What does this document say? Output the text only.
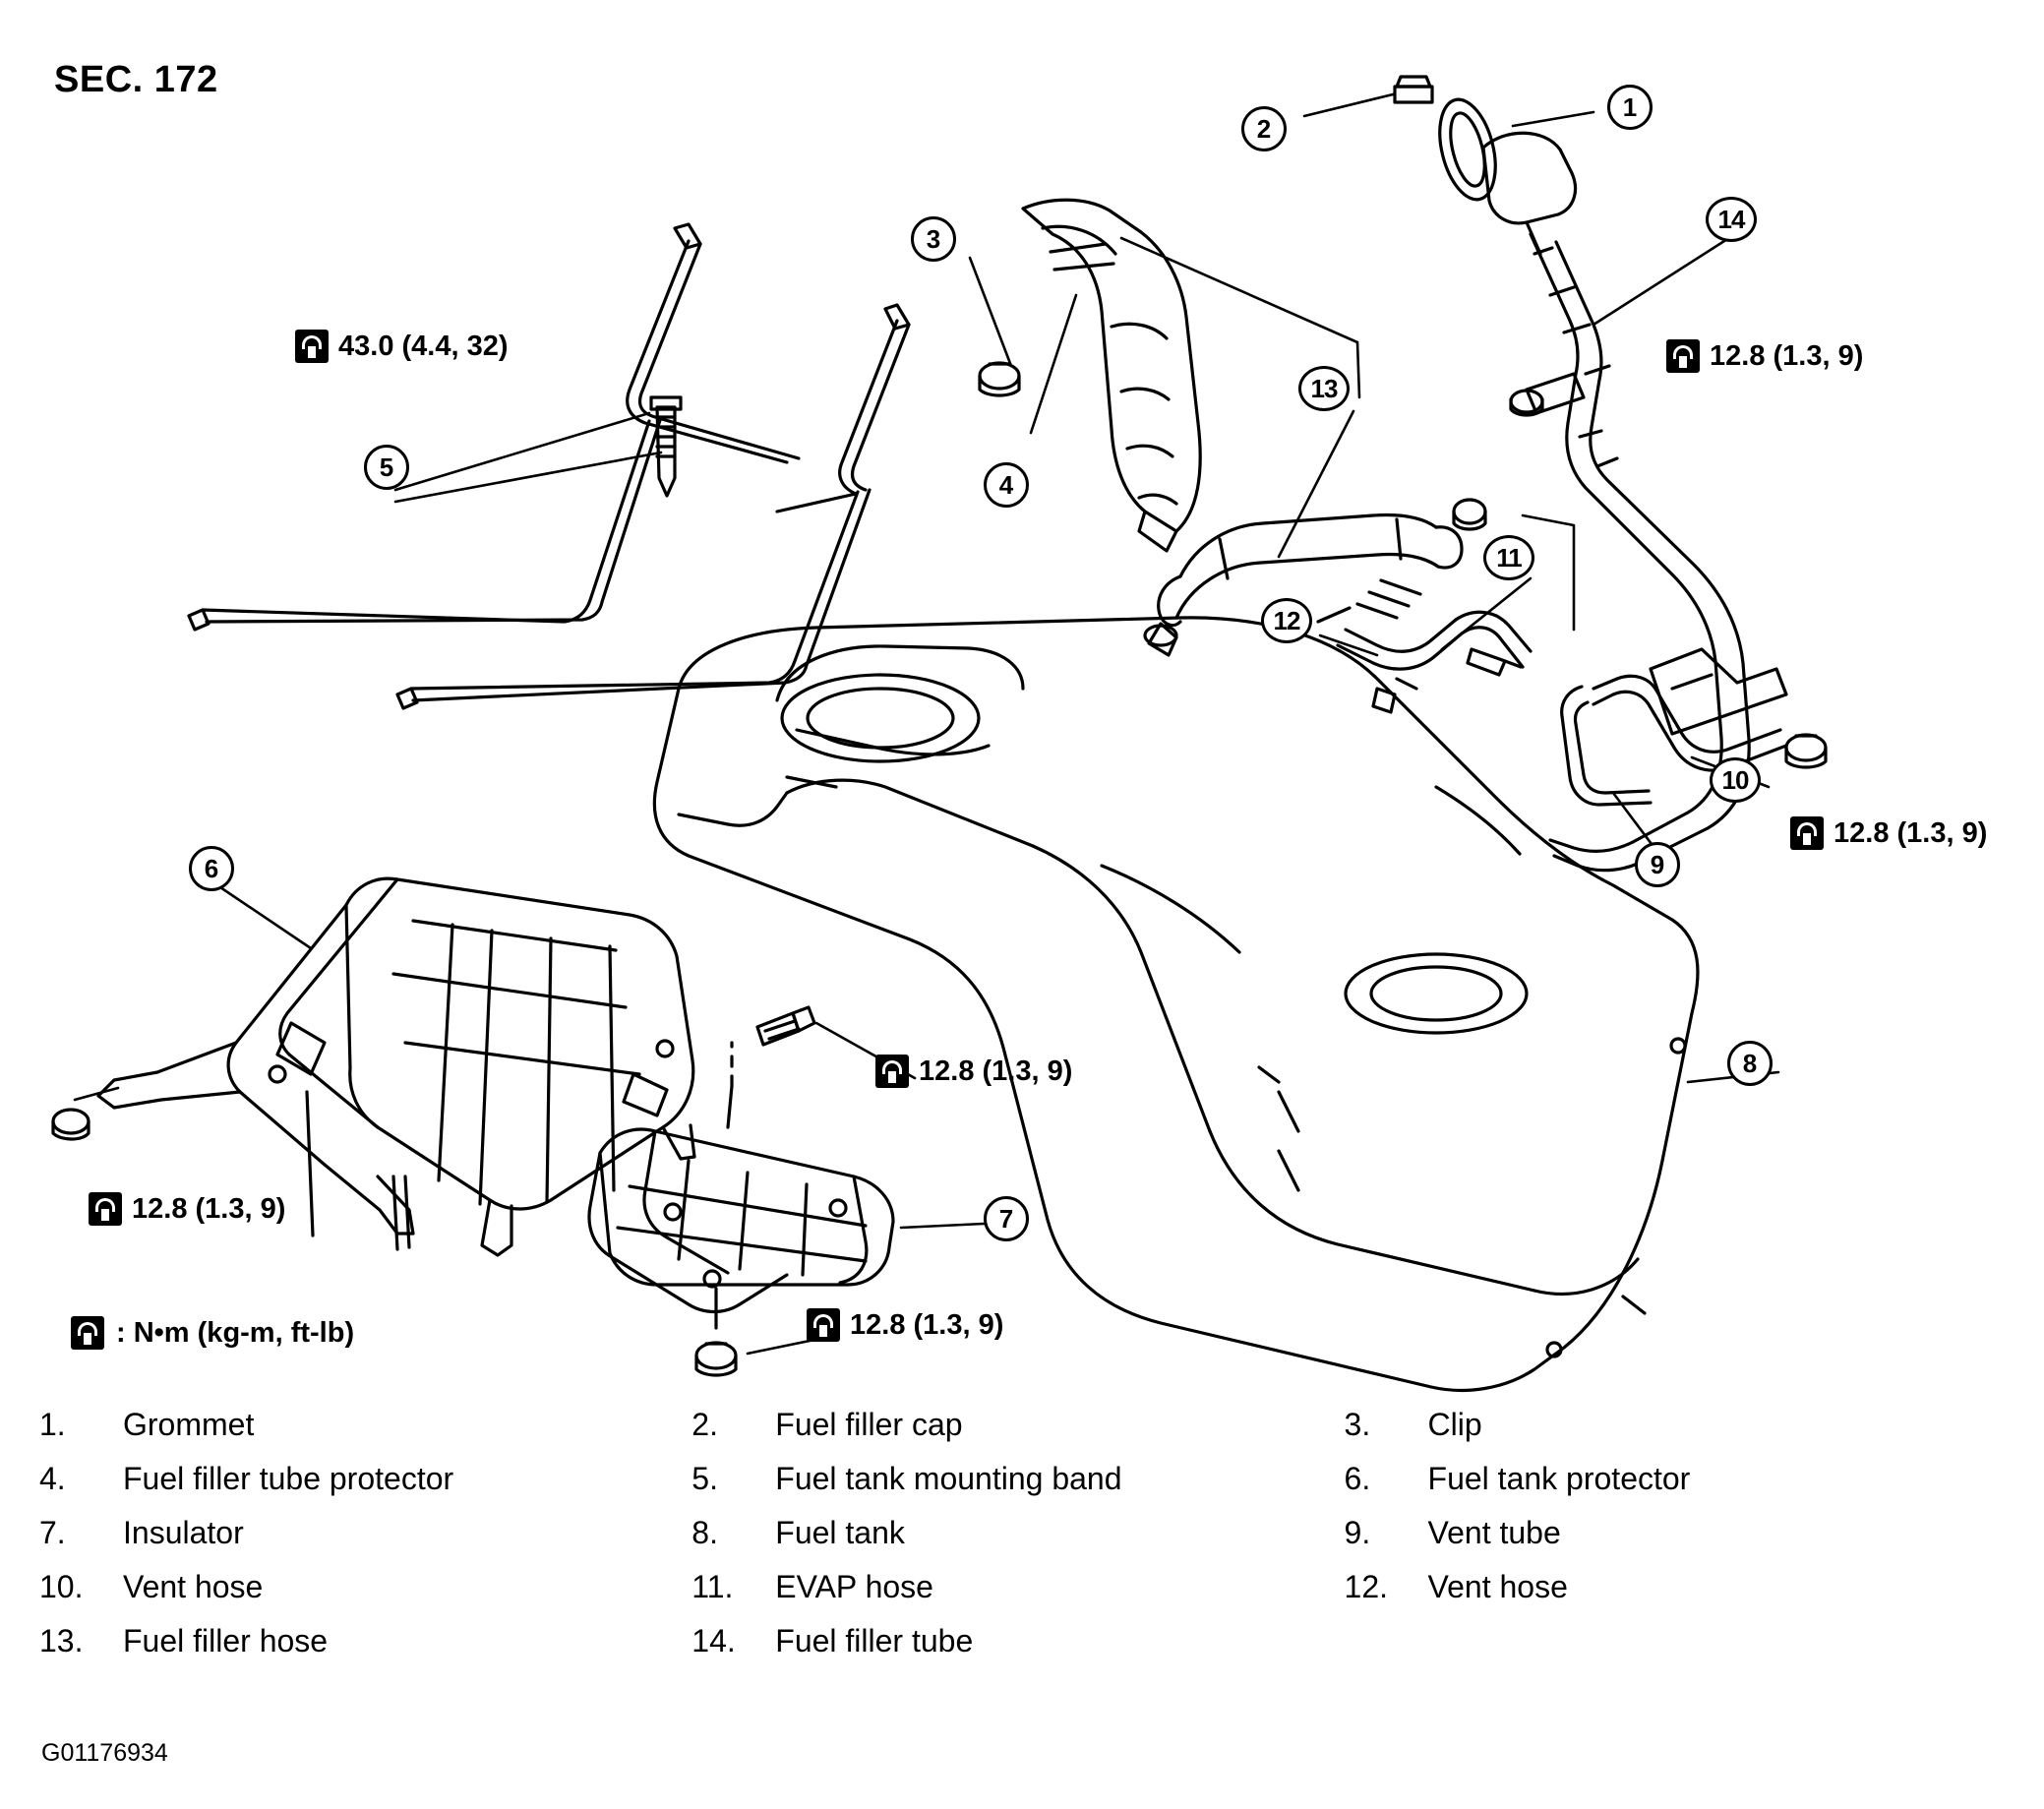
SEC. 172
1
2
3
4
5
6
7
8
9
10
11
12
13
14
43.0 (4.4, 32)	12.8 (1.3, 9)
12.8 (1.3, 9)
12.8 (1.3, 9)
12.8 (1.3, 9)
12.8 (1.3, 9)
: N•m (kg-m, ft-lb)
1.	Grommet	2.	Fuel filler cap	3.	Clip
4.	Fuel filler tube protector	5.	Fuel tank mounting band	6.	Fuel tank protector
7.	Insulator	8.	Fuel tank	9.	Vent tube
10.	Vent hose	11.	EVAP hose	12.	Vent hose
13.	Fuel filler hose	14.	Fuel filler tube
G01176934
